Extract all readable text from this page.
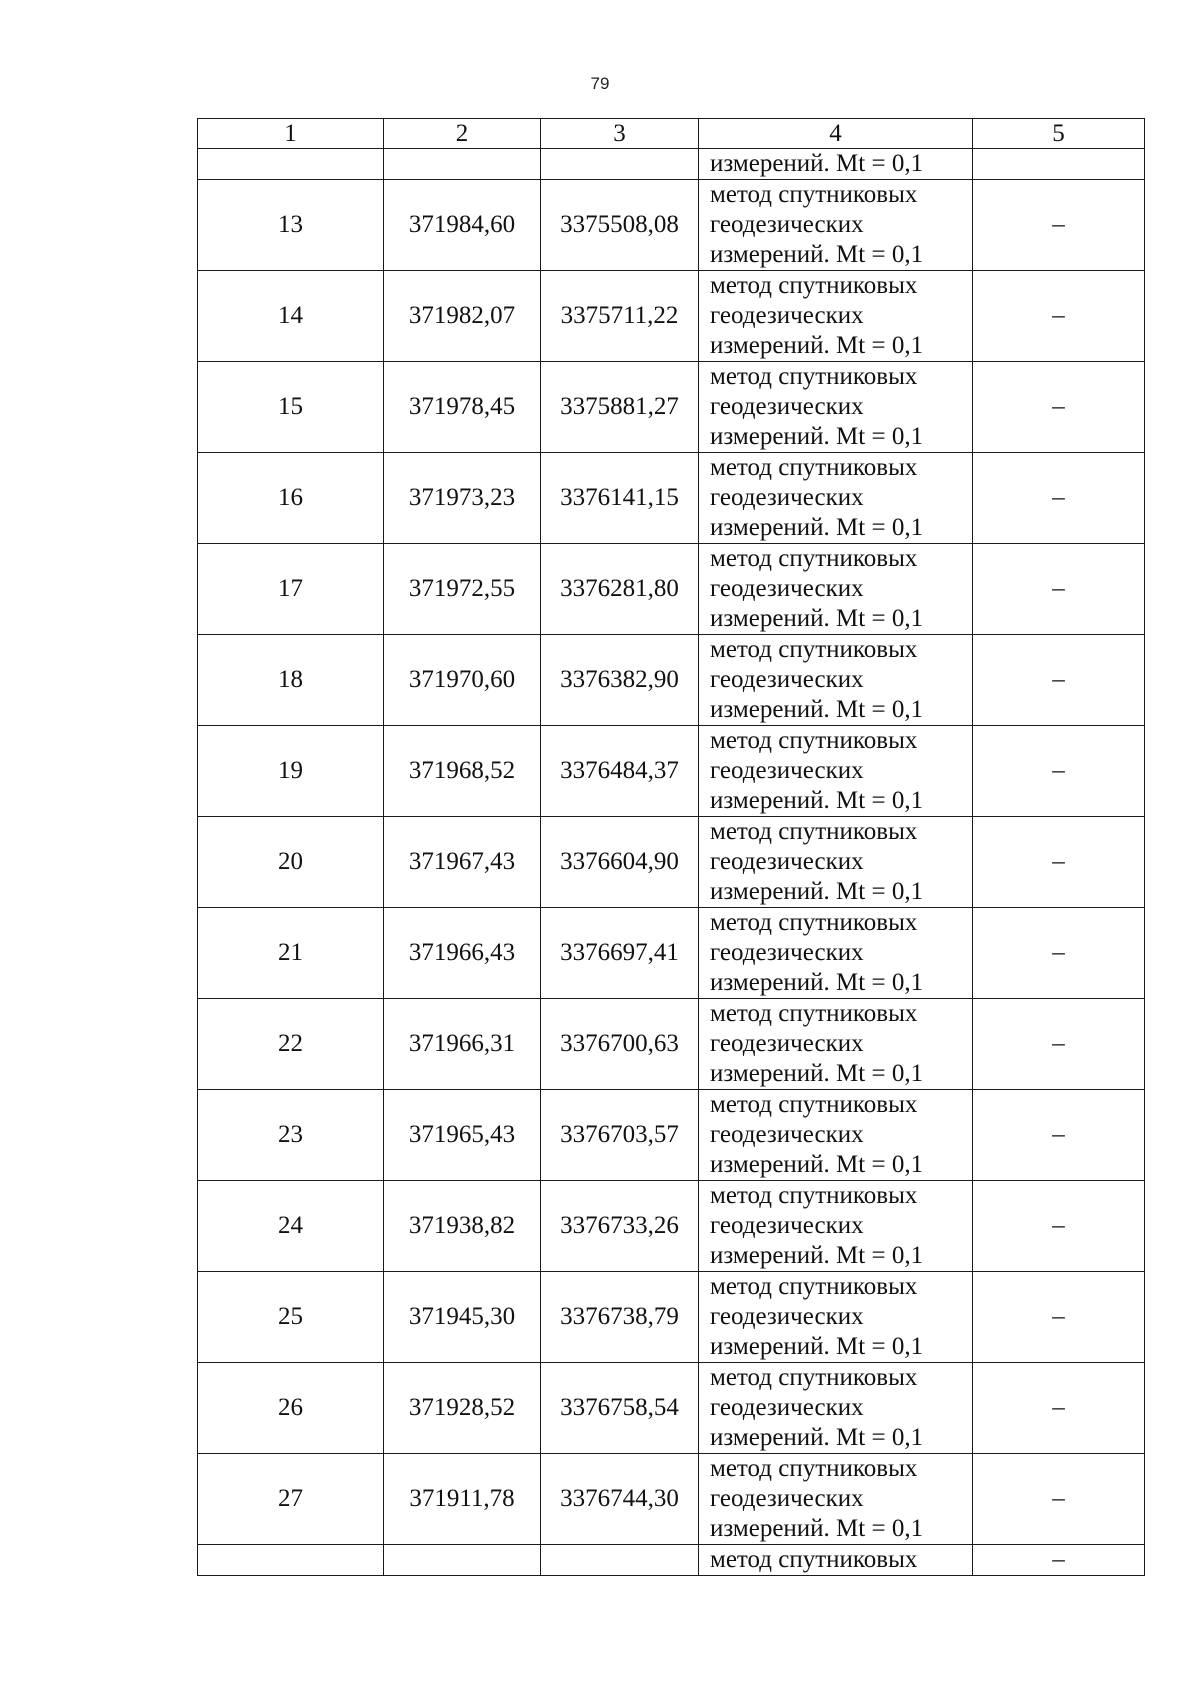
79
1	2	3	4	5
			измерений. Mt = 0,1	
13	371984,60	3375508,08	метод спутниковых
геодезических
измерений. Mt = 0,1	–
14	371982,07	3375711,22	метод спутниковых
геодезических
измерений. Mt = 0,1	–
15	371978,45	3375881,27	метод спутниковых
геодезических
измерений. Mt = 0,1	–
16	371973,23	3376141,15	метод спутниковых
геодезических
измерений. Mt = 0,1	–
17	371972,55	3376281,80	метод спутниковых
геодезических
измерений. Mt = 0,1	–
18	371970,60	3376382,90	метод спутниковых
геодезических
измерений. Mt = 0,1	–
19	371968,52	3376484,37	метод спутниковых
геодезических
измерений. Mt = 0,1	–
20	371967,43	3376604,90	метод спутниковых
геодезических
измерений. Mt = 0,1	–
21	371966,43	3376697,41	метод спутниковых
геодезических
измерений. Mt = 0,1	–
22	371966,31	3376700,63	метод спутниковых
геодезических
измерений. Mt = 0,1	–
23	371965,43	3376703,57	метод спутниковых
геодезических
измерений. Mt = 0,1	–
24	371938,82	3376733,26	метод спутниковых
геодезических
измерений. Mt = 0,1	–
25	371945,30	3376738,79	метод спутниковых
геодезических
измерений. Mt = 0,1	–
26	371928,52	3376758,54	метод спутниковых
геодезических
измерений. Mt = 0,1	–
27	371911,78	3376744,30	метод спутниковых
геодезических
измерений. Mt = 0,1	–
			метод спутниковых	–
